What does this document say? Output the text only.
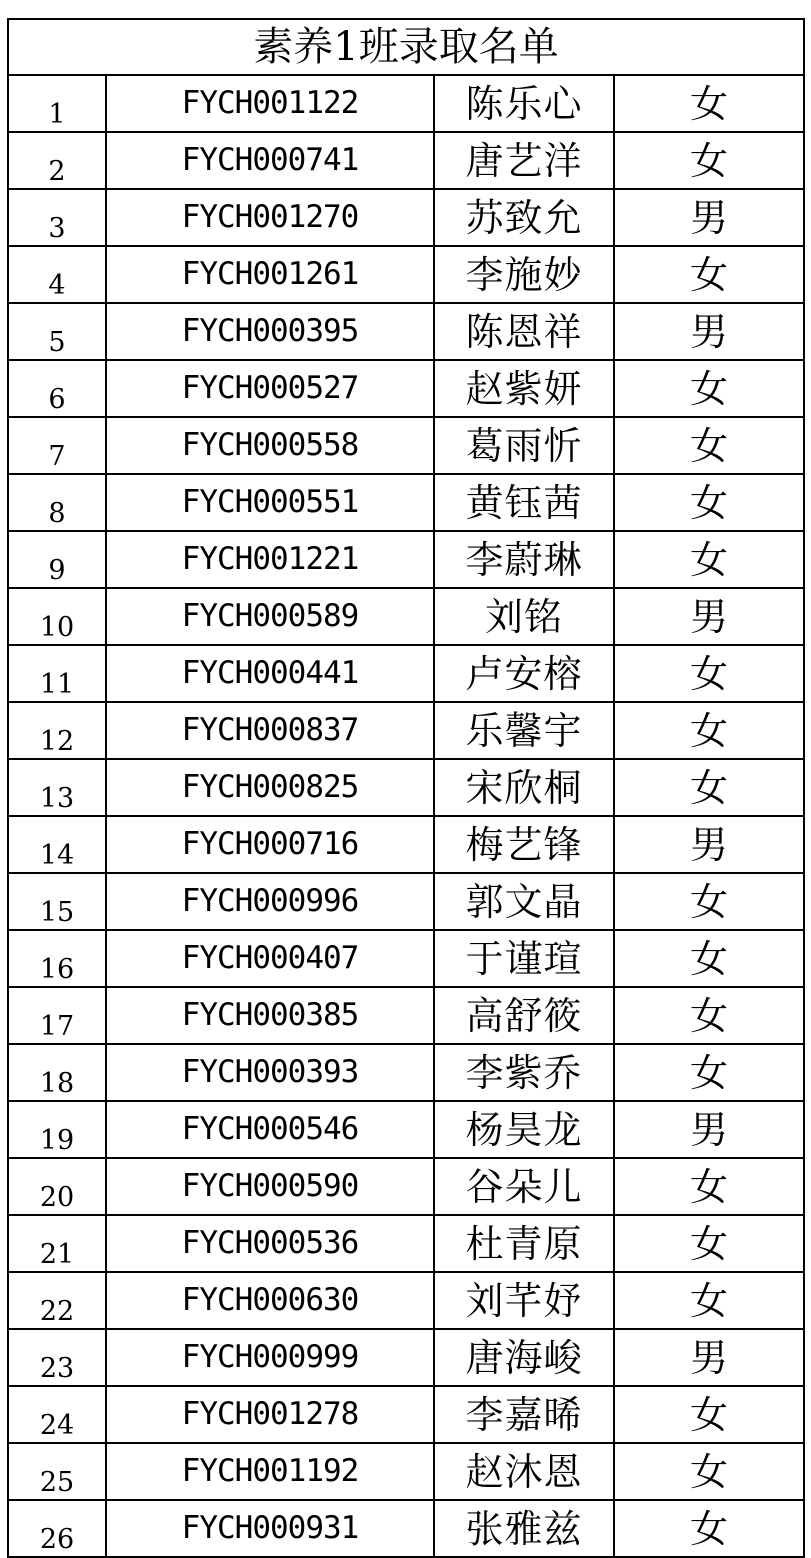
素养1班录取名单			
1	FYCH001122	陈乐心	女
2	FYCH000741	唐艺洋	女
3	FYCH001270	苏致允	男
4	FYCH001261	李施妙	女
5	FYCH000395	陈恩祥	男
6	FYCH000527	赵紫妍	女
7	FYCH000558	葛雨忻	女
8	FYCH000551	黄钰茜	女
9	FYCH001221	李蔚琳	女
10	FYCH000589	刘铭	男
11	FYCH000441	卢安榕	女
12	FYCH000837	乐馨宇	女
13	FYCH000825	宋欣桐	女
14	FYCH000716	梅艺锋	男
15	FYCH000996	郭文晶	女
16	FYCH000407	于谨瑄	女
17	FYCH000385	高舒筱	女
18	FYCH000393	李紫乔	女
19	FYCH000546	杨昊龙	男
20	FYCH000590	谷朵儿	女
21	FYCH000536	杜青原	女
22	FYCH000630	刘芊妤	女
23	FYCH000999	唐海峻	男
24	FYCH001278	李嘉晞	女
25	FYCH001192	赵沐恩	女
26	FYCH000931	张雅兹	女
